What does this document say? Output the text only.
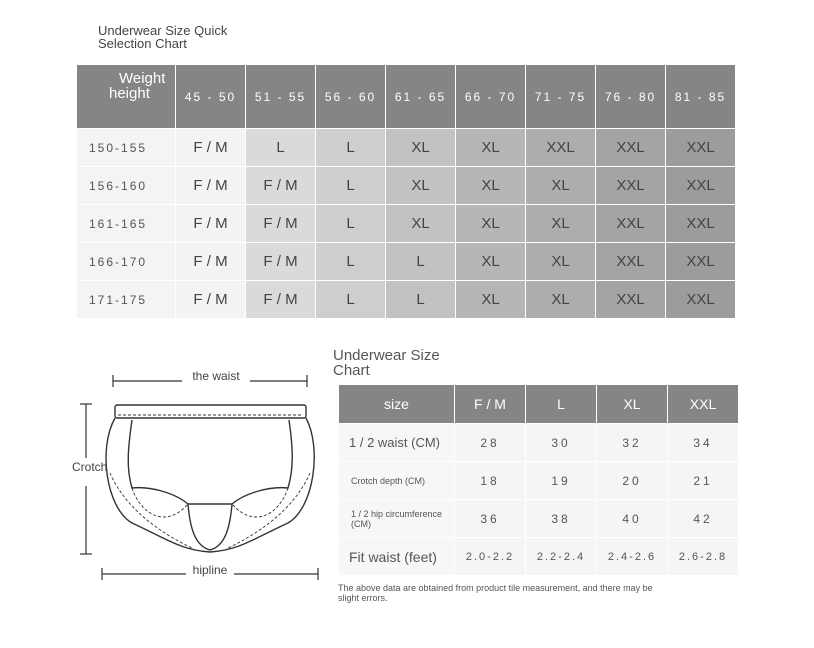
Underwear Size Quick Selection Chart
Weight
height	45 - 50	51 - 55	56 - 60	61 - 65	66 - 70	71 - 75	76 - 80	81 - 85
150-155	F / M	L	L	XL	XL	XXL	XXL	XXL
156-160	F / M	F / M	L	XL	XL	XL	XXL	XXL
161-165	F / M	F / M	L	XL	XL	XL	XXL	XXL
166-170	F / M	F / M	L	L	XL	XL	XXL	XXL
171-175	F / M	F / M	L	L	XL	XL	XXL	XXL
the waist
Crotch
hipline
Underwear Size Chart
size	F / M	L	XL	XXL
1 / 2 waist (CM)	28	30	32	34
Crotch depth (CM)	18	19	20	21
1 / 2 hip circumference (CM)	36	38	40	42
Fit waist (feet)	2.0-2.2	2.2-2.4	2.4-2.6	2.6-2.8
The above data are obtained from product tile measurement, and there may be slight errors.
